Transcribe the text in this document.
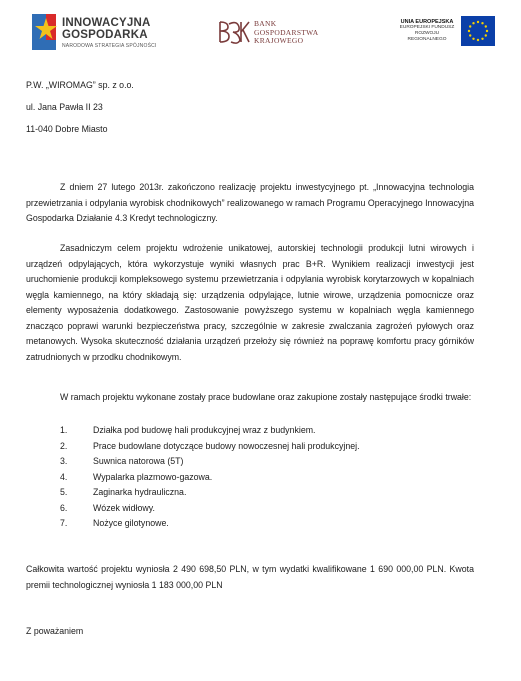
INNOWACYJNA
GOSPODARKA
NARODOWA STRATEGIA SPÓJNOŚCI
BANK
GOSPODARSTWA
KRAJOWEGO
UNIA EUROPEJSKA
EUROPEJSKI FUNDUSZ
ROZWOJU REGIONALNEGO
P.W. „WIROMAG” sp. z o.o.
ul. Jana Pawła II 23
11-040 Dobre Miasto
Z dniem 27 lutego 2013r. zakończono realizację projektu inwestycyjnego pt. „Innowacyjna technologia przewietrzania i odpylania wyrobisk chodnikowych” realizowanego w ramach Programu Operacyjnego Innowacyjna Gospodarka Działanie 4.3 Kredyt technologiczny.
Zasadniczym celem projektu wdrożenie unikatowej, autorskiej technologii produkcji lutni wirowych i urządzeń odpylających, która wykorzystuje wyniki własnych prac B+R. Wynikiem realizacji inwestycji jest uruchomienie produkcji kompleksowego systemu przewietrzania i odpylania wyrobisk korytarzowych w kopalniach węgla kamiennego, na który składają się: urządzenia odpylające, lutnie wirowe, urządzenia pomocnicze oraz elementy wyposażenia dodatkowego. Zastosowanie powyższego systemu w kopalniach węgla kamiennego znacząco poprawi warunki bezpieczeństwa pracy, szczególnie w zakresie zwalczania zagrożeń pyłowych oraz metanowych. Wysoka skuteczność działania urządzeń przełoży się również na poprawę komfortu pracy górników zatrudnionych w przodku chodnikowym.
W ramach projektu wykonane zostały prace budowlane oraz zakupione zostały następujące środki trwałe:
1.	Działka pod budowę hali produkcyjnej wraz z budynkiem.
2.	Prace budowlane dotyczące budowy nowoczesnej hali produkcyjnej.
3.	Suwnica natorowa (5T)
4.	Wypalarka plazmowo-gazowa.
5.	Zaginarka hydrauliczna.
6.	Wózek widłowy.
7.	Nożyce gilotynowe.
Całkowita wartość projektu wyniosła 2 490 698,50 PLN, w tym wydatki kwalifikowane 1 690 000,00 PLN. Kwota premii technologicznej wyniosła 1 183 000,00 PLN
Z poważaniem
